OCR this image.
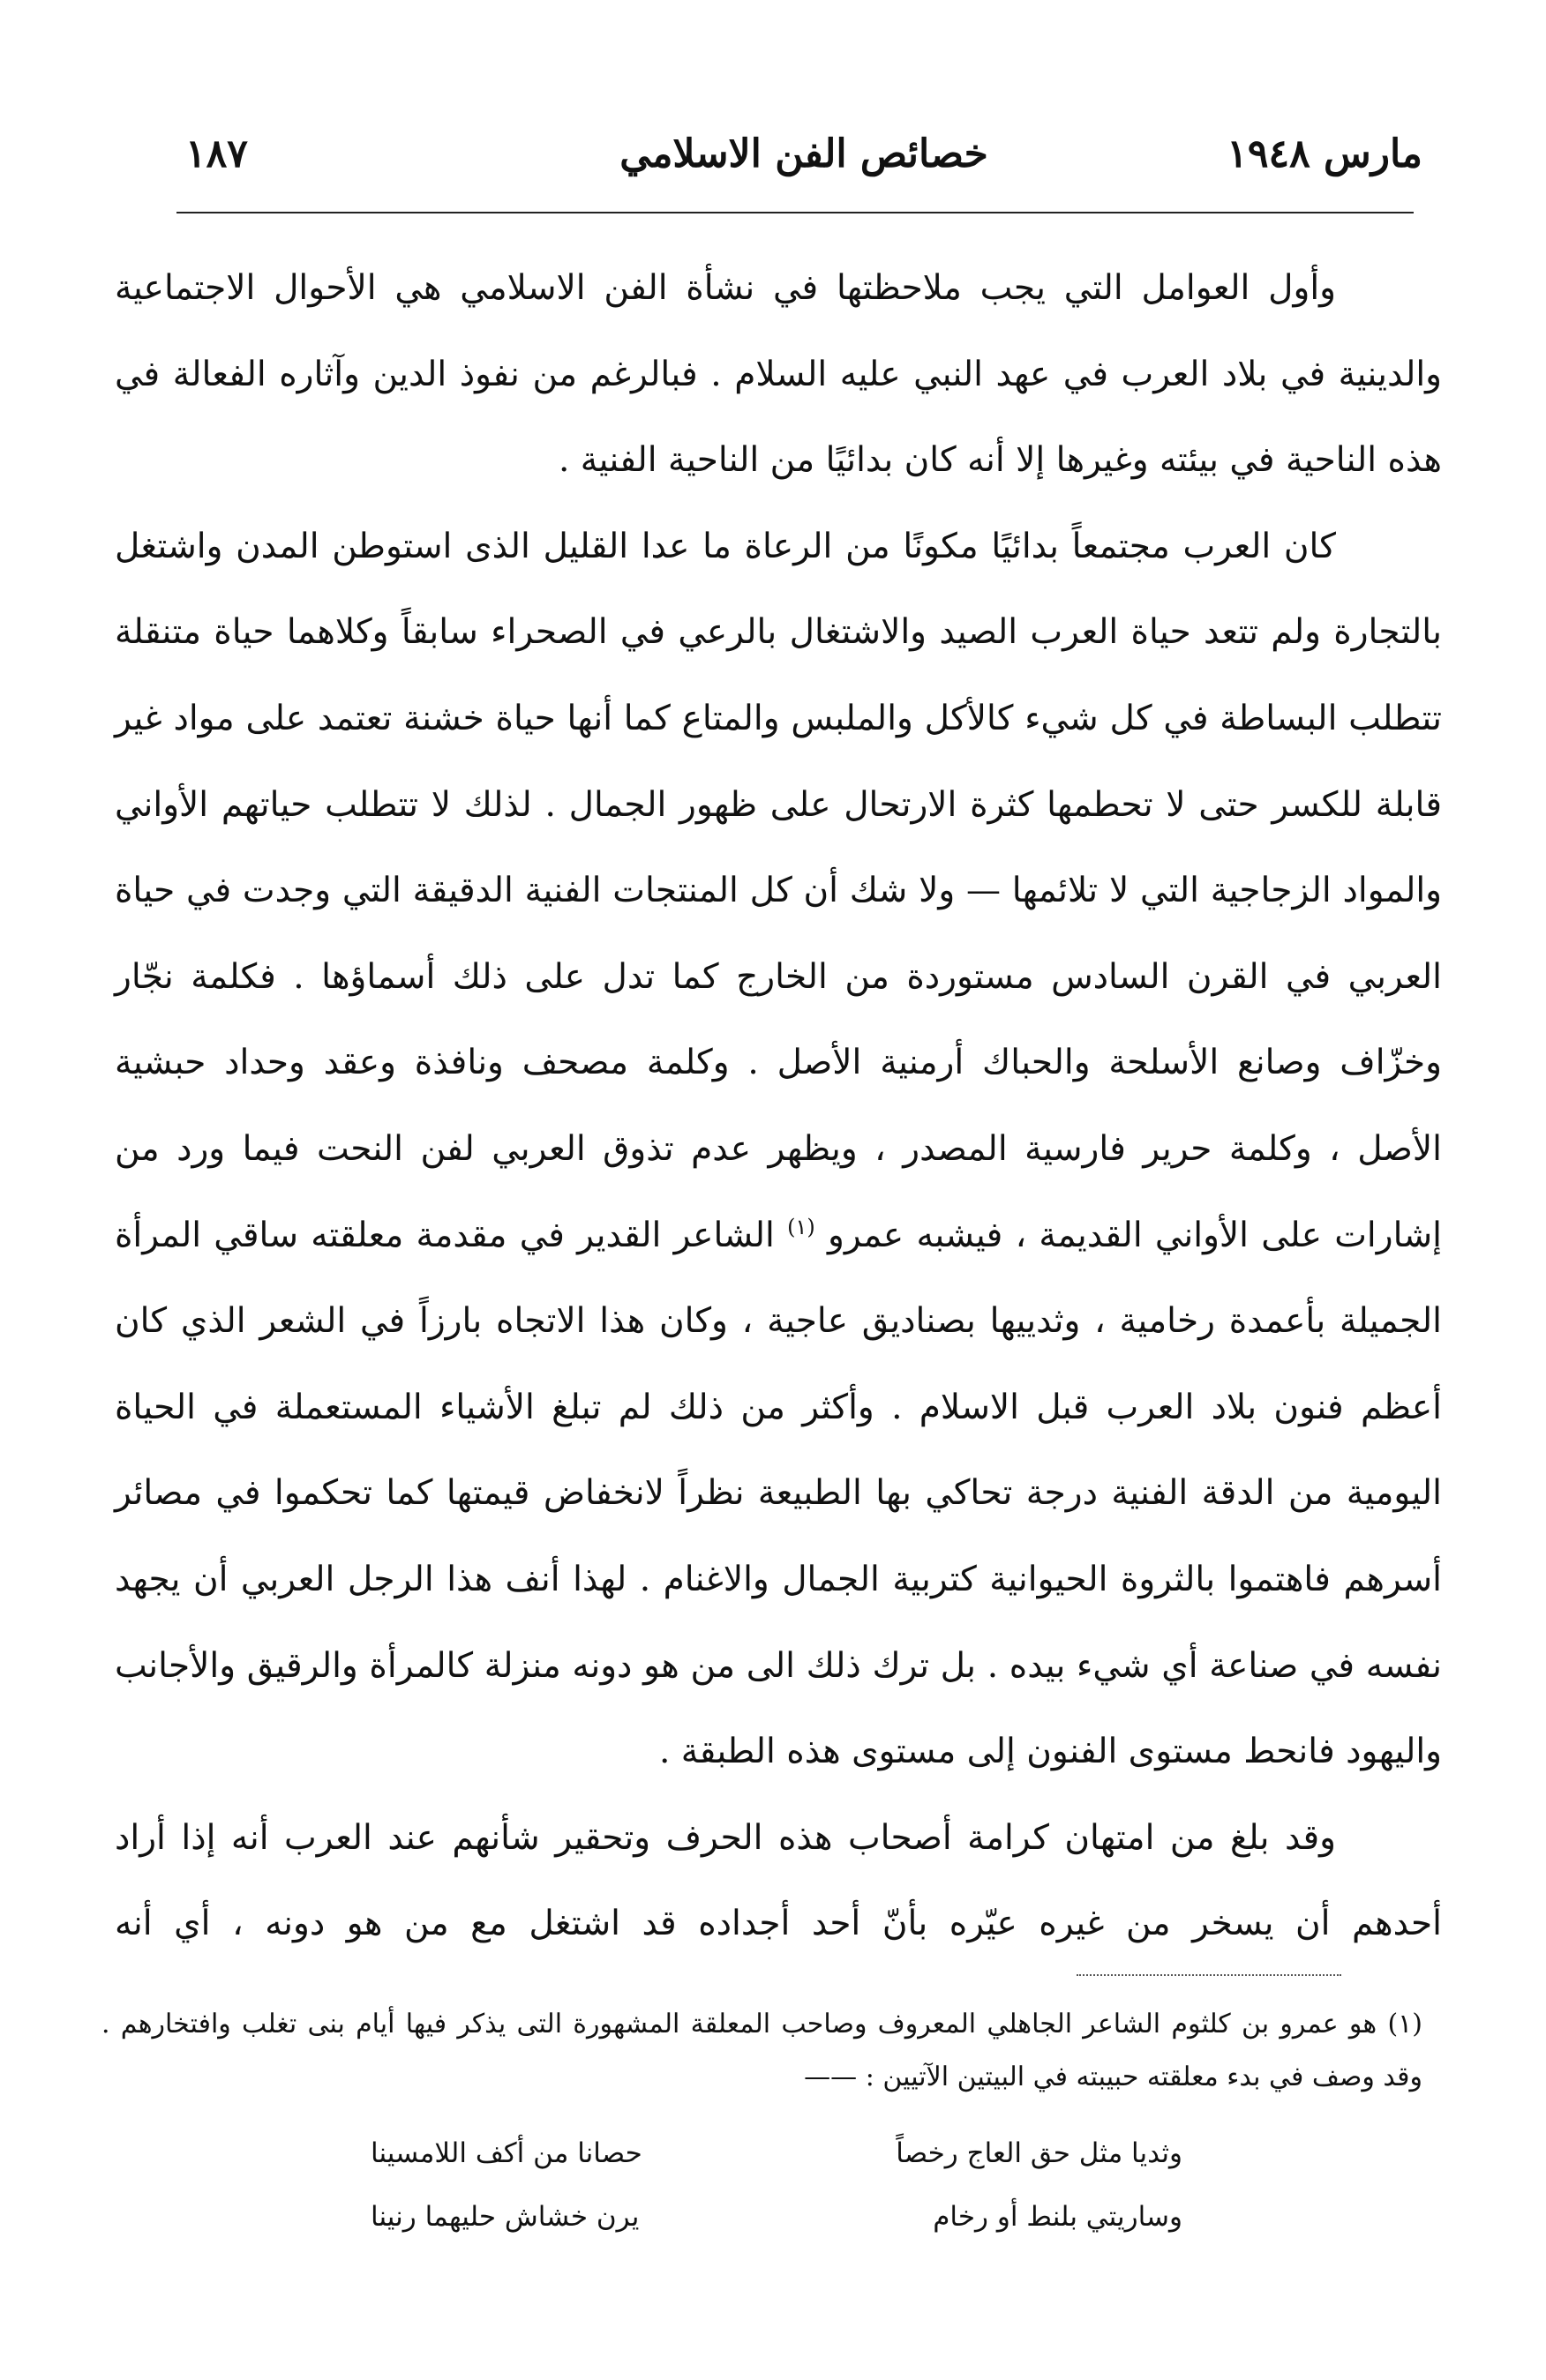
مارس ١٩٤٨
خصائص الفن الاسلامي
١٨٧

وأول العوامل التي يجب ملاحظتها في نشأة الفن الاسلامي هي الأحوال الاجتماعية والدينية في بلاد العرب في عهد النبي عليه السلام . فبالرغم من نفوذ الدين وآثاره الفعالة في هذه الناحية في بيئته وغيرها إلا أنه كان بدائيًا من الناحية الفنية .

كان العرب مجتمعاً بدائيًا مكونًا من الرعاة ما عدا القليل الذى استوطن المدن واشتغل بالتجارة ولم تتعد حياة العرب الصيد والاشتغال بالرعي في الصحراء سابقاً وكلاهما حياة متنقلة تتطلب البساطة في كل شيء كالأكل والملبس والمتاع كما أنها حياة خشنة تعتمد على مواد غير قابلة للكسر حتى لا تحطمها كثرة الارتحال على ظهور الجمال . لذلك لا تتطلب حياتهم الأواني والمواد الزجاجية التي لا تلائمها — ولا شك أن كل المنتجات الفنية الدقيقة التي وجدت في حياة العربي في القرن السادس مستوردة من الخارج كما تدل على ذلك أسماؤها . فكلمة نجّار وخزّاف وصانع الأسلحة والحباك أرمنية الأصل . وكلمة مصحف ونافذة وعقد وحداد حبشية الأصل ، وكلمة حرير فارسية المصدر ، ويظهر عدم تذوق العربي لفن النحت فيما ورد من إشارات على الأواني القديمة ، فيشبه عمرو $^{(١)}$ الشاعر القدير في مقدمة معلقته ساقي المرأة الجميلة بأعمدة رخامية ، وثدييها بصناديق عاجية ، وكان هذا الاتجاه بارزاً في الشعر الذي كان أعظم فنون بلاد العرب قبل الاسلام . وأكثر من ذلك لم تبلغ الأشياء المستعملة في الحياة اليومية من الدقة الفنية درجة تحاكي بها الطبيعة نظراً لانخفاض قيمتها كما تحكموا في مصائر أسرهم فاهتموا بالثروة الحيوانية كتربية الجمال والاغنام . لهذا أنف هذا الرجل العربي أن يجهد نفسه في صناعة أي شيء بيده . بل ترك ذلك الى من هو دونه منزلة كالمرأة والرقيق والأجانب واليهود فانحط مستوى الفنون إلى مستوى هذه الطبقة .

وقد بلغ من امتهان كرامة أصحاب هذه الحرف وتحقير شأنهم عند العرب أنه إذا أراد أحدهم أن يسخر من غيره عيّره بأنّ أحد أجداده قد اشتغل مع من هو دونه ، أي أنه

(١) هو عمرو بن كلثوم الشاعر الجاهلي المعروف وصاحب المعلقة المشهورة التى يذكر فيها أيام بنى تغلب وافتخارهم . وقد وصف في بدء معلقته حبيبته في البيتين الآتيين : ——
وثديا مثل حق العاج رخصاً
حصانا من أكف اللامسينا
وساريتي بلنط أو رخام
يرن خشاش حليهما رنينا
